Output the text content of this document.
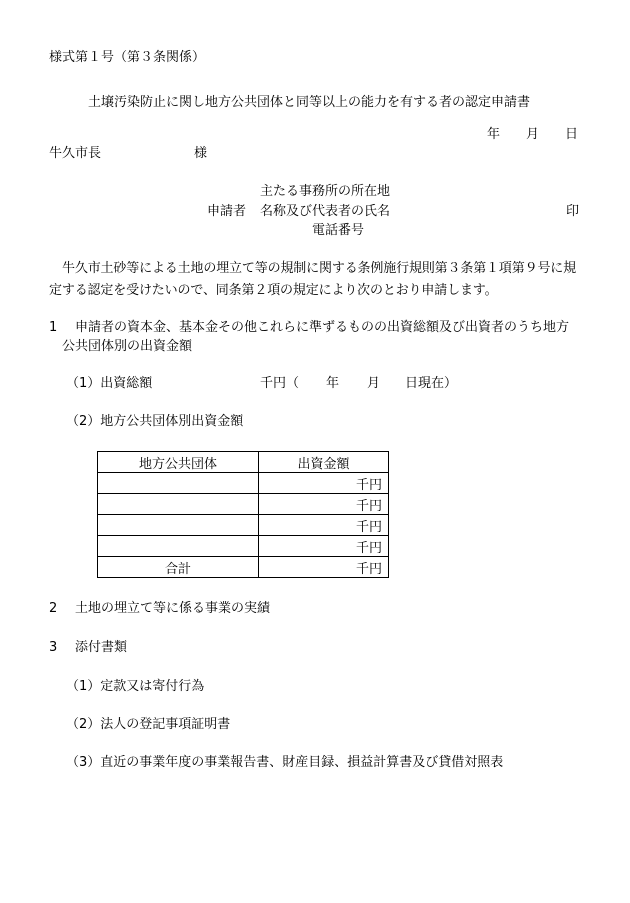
様式第１号（第３条関係）
土壌汚染防止に関し地方公共団体と同等以上の能力を有する者の認定申請書
年 月 日
牛久市長	様
主たる事務所の所在地
申請者 名称及び代表者の氏名	印
電話番号
牛久市土砂等による土地の埋立て等の規制に関する条例施行規則第３条第１項第９号に規定する認定を受けたいので、同条第２項の規定により次のとおり申請します。
1 申請者の資本金、基本金その他これらに準ずるものの出資総額及び出資者のうち地方
公共団体別の出資金額
（1）出資総額	千円（ 年 月 日現在）
（2）地方公共団体別出資金額
地方公共団体	出資金額
	千円
	千円
	千円
	千円
合計	千円
2 土地の埋立て等に係る事業の実績
3 添付書類
（1）定款又は寄付行為
（2）法人の登記事項証明書
（3）直近の事業年度の事業報告書、財産目録、損益計算書及び貸借対照表
